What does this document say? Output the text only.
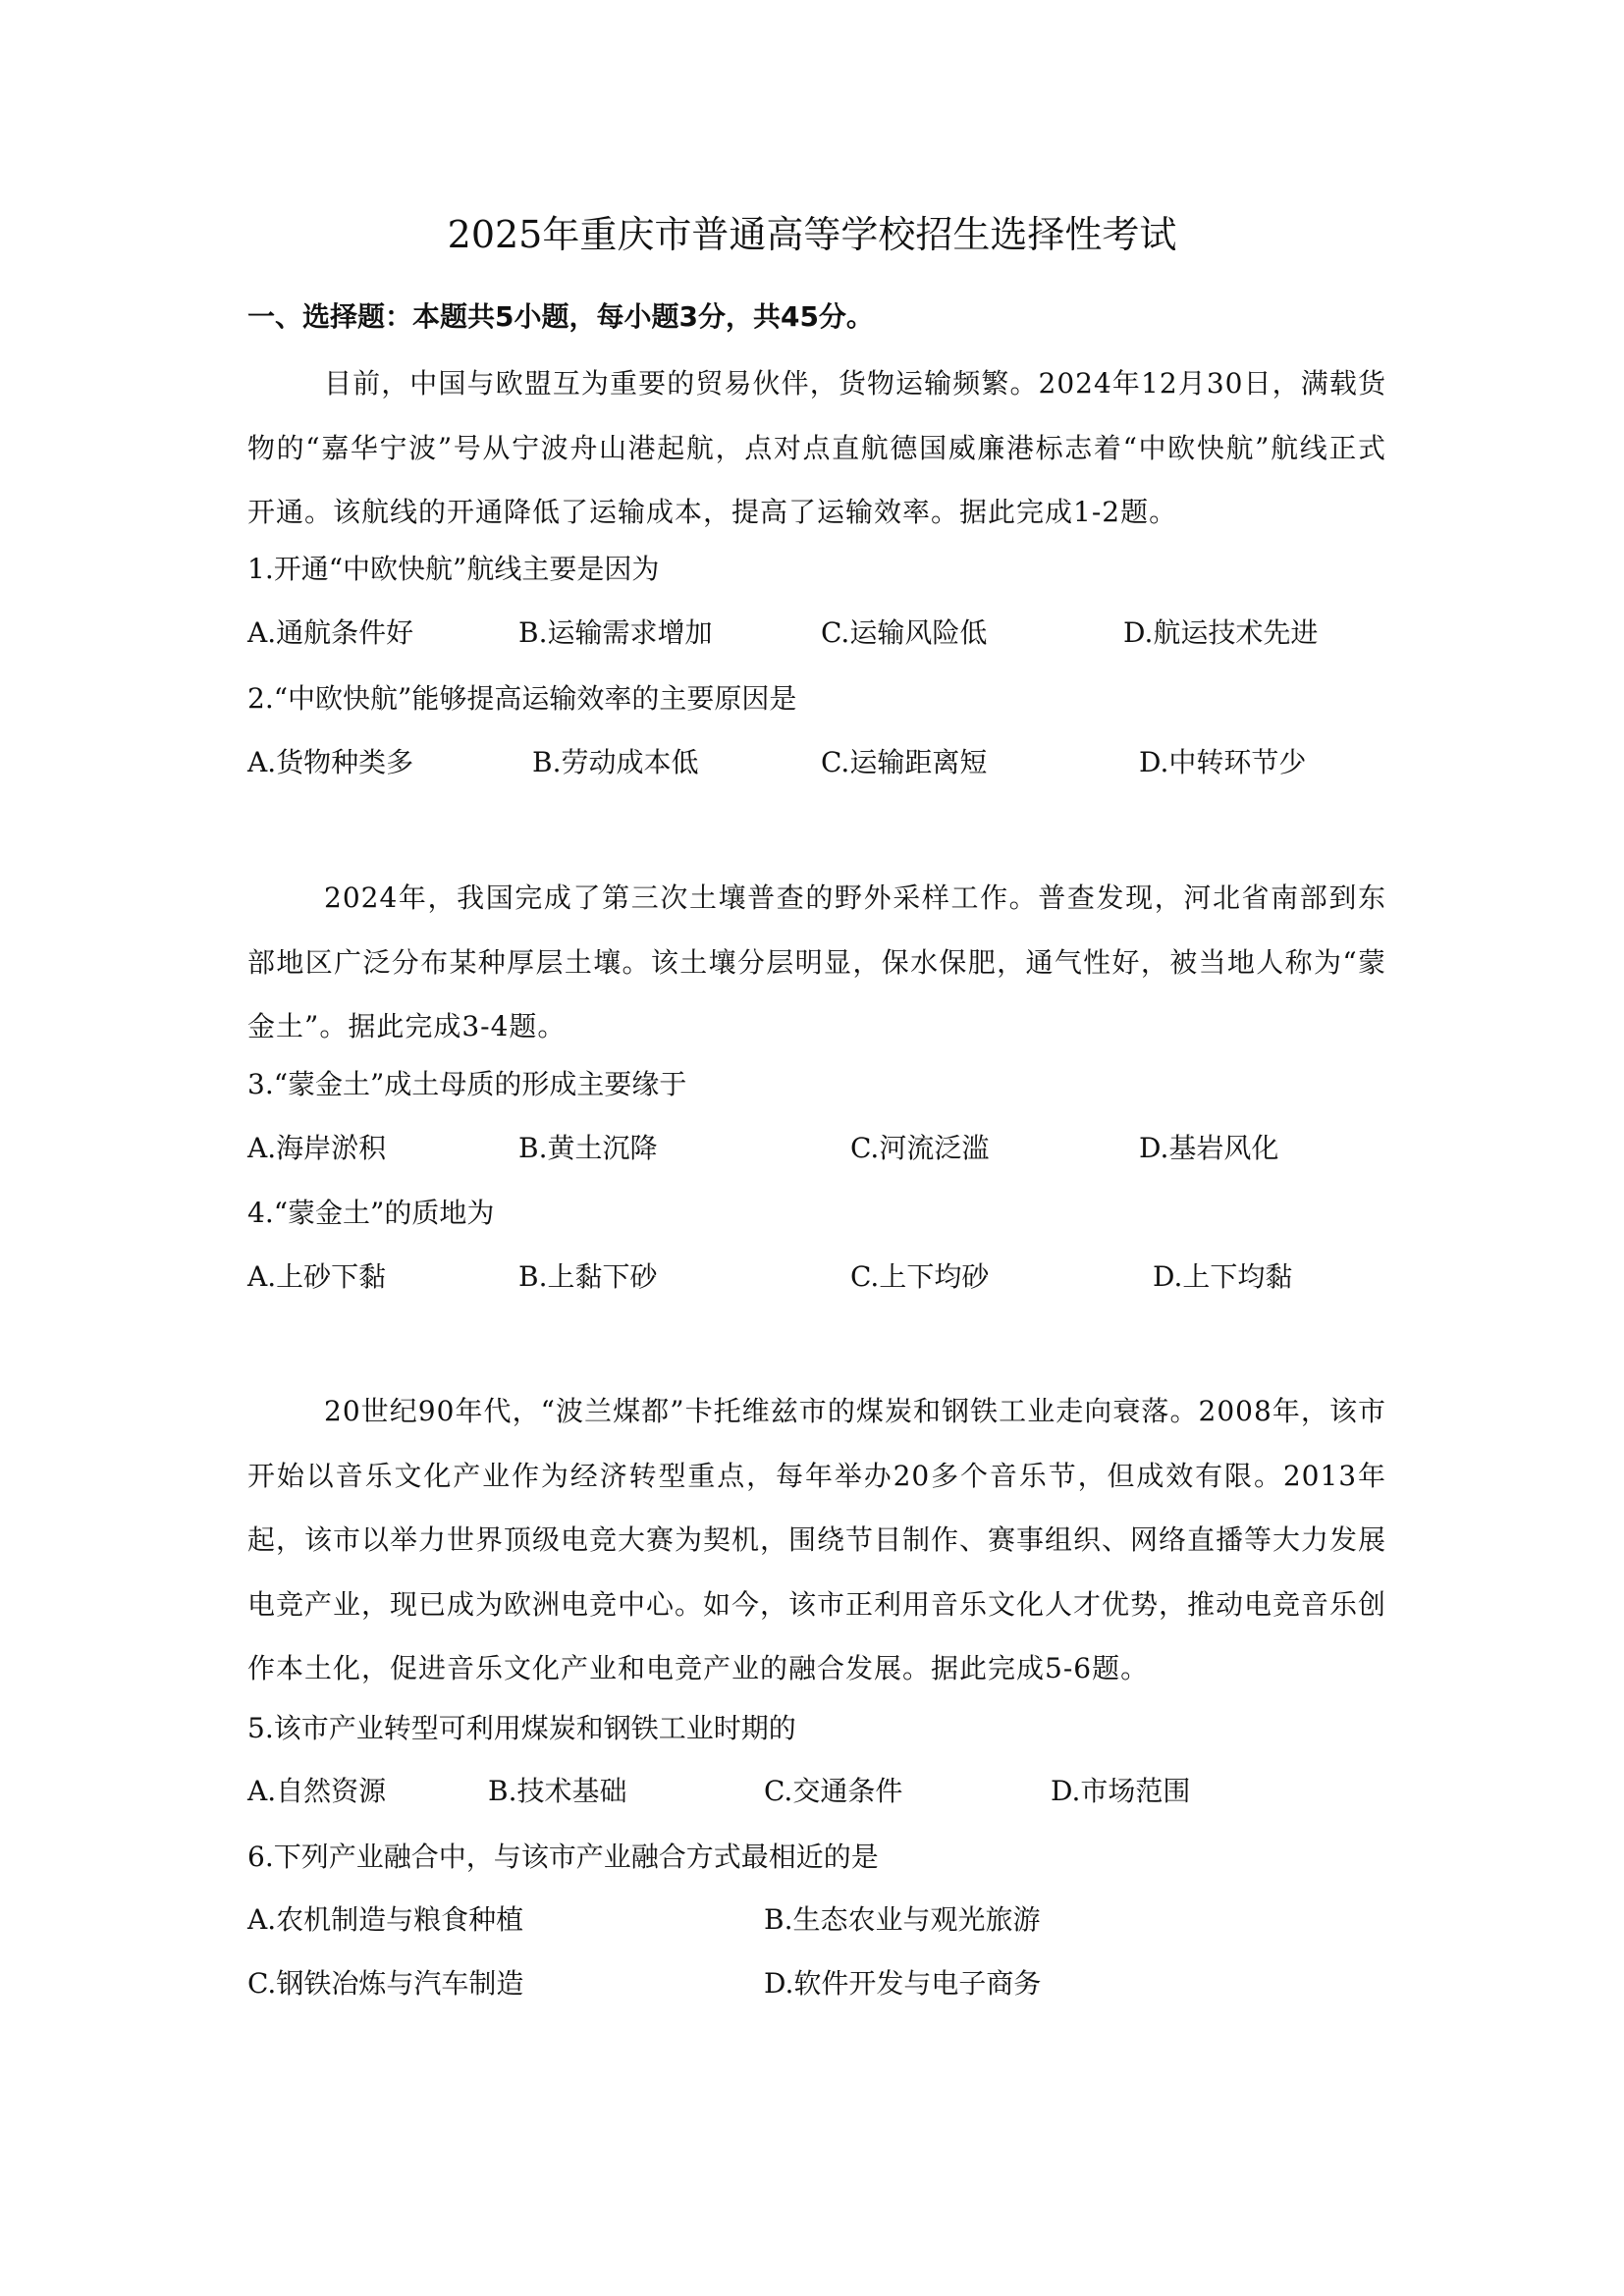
2025年重庆市普通高等学校招生选择性考试
一、选择题：本题共5小题，每小题3分，共45分。

目前，中国与欧盟互为重要的贸易伙伴，货物运输频繁。2024年12月30日，满载货物的“嘉华宁波”号从宁波舟山港起航，点对点直航德国威廉港标志着“中欧快航”航线正式开通。该航线的开通降低了运输成本，提高了运输效率。据此完成1-2题。

1.开通“中欧快航”航线主要是因为
A.通航条件好	B.运输需求增加	C.运输风险低	D.航运技术先进
2.“中欧快航”能够提高运输效率的主要原因是
A.货物种类多	B.劳动成本低	C.运输距离短	D.中转环节少

2024年，我国完成了第三次土壤普查的野外采样工作。普查发现，河北省南部到东部地区广泛分布某种厚层土壤。该土壤分层明显，保水保肥，通气性好，被当地人称为“蒙金土”。据此完成3-4题。

3.“蒙金土”成土母质的形成主要缘于
A.海岸淤积	B.黄土沉降	C.河流泛滥	D.基岩风化
4.“蒙金土”的质地为
A.上砂下黏	B.上黏下砂	C.上下均砂	D.上下均黏

20世纪90年代，“波兰煤都”卡托维兹市的煤炭和钢铁工业走向衰落。2008年，该市开始以音乐文化产业作为经济转型重点，每年举办20多个音乐节，但成效有限。2013年起，该市以举力世界顶级电竞大赛为契机，围绕节目制作、赛事组织、网络直播等大力发展电竞产业，现已成为欧洲电竞中心。如今，该市正利用音乐文化人才优势，推动电竞音乐创作本土化，促进音乐文化产业和电竞产业的融合发展。据此完成5-6题。

5.该市产业转型可利用煤炭和钢铁工业时期的
A.自然资源	B.技术基础	C.交通条件	D.市场范围
6.下列产业融合中，与该市产业融合方式最相近的是
A.农机制造与粮食种植	B.生态农业与观光旅游
C.钢铁冶炼与汽车制造	D.软件开发与电子商务
